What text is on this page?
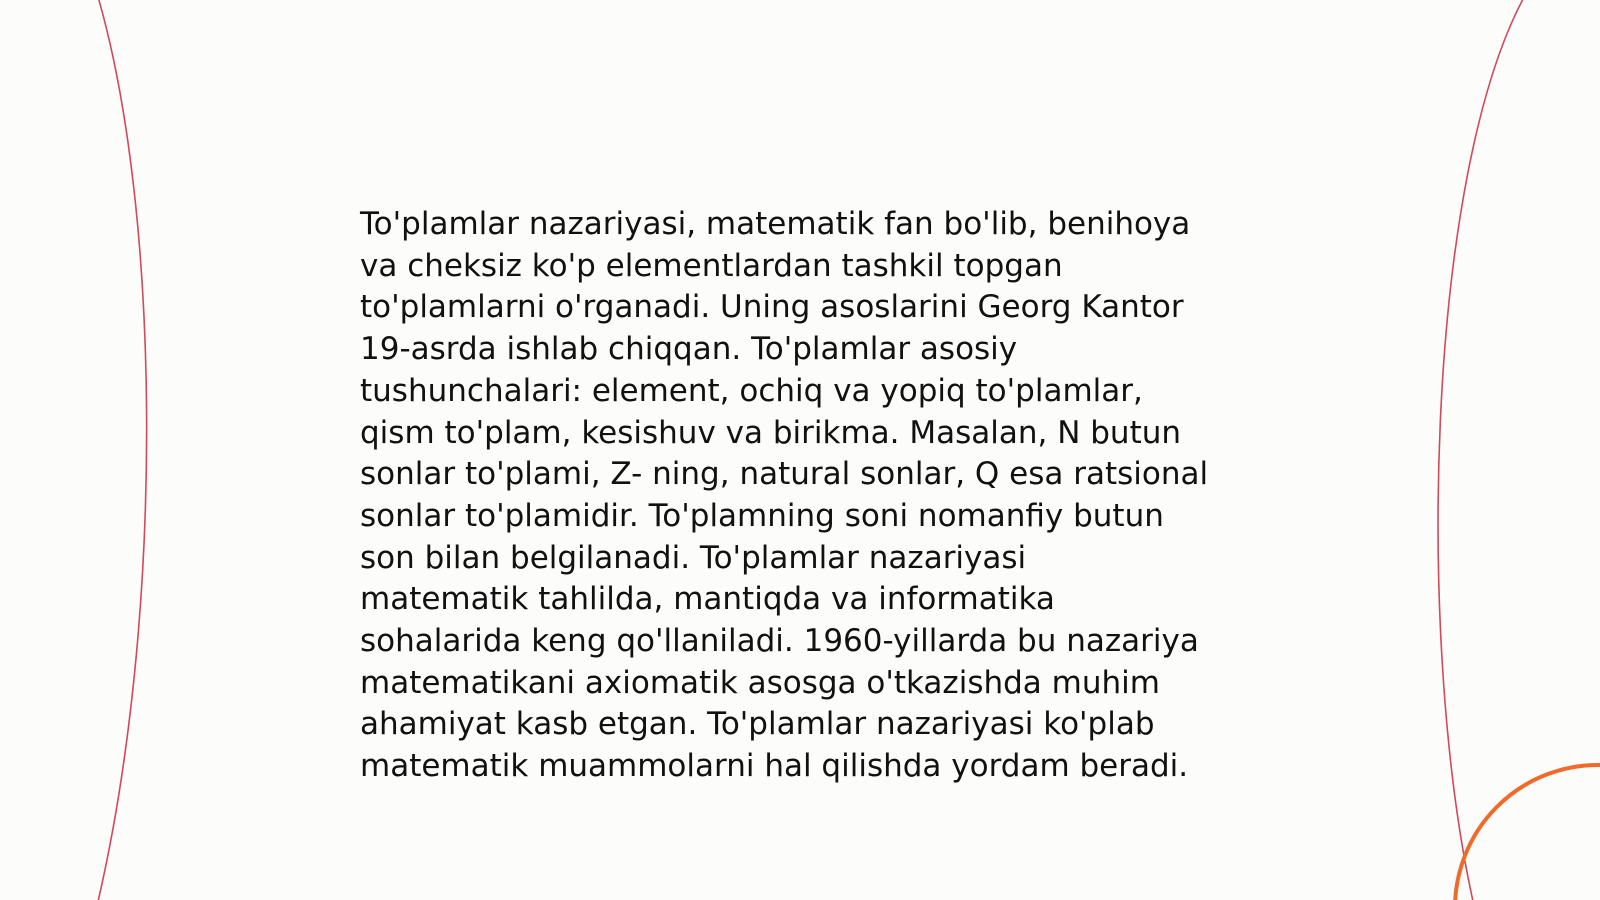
To'plamlar nazariyasi, matematik fan bo'lib, benihoya
va cheksiz ko'p elementlardan tashkil topgan
to'plamlarni o'rganadi. Uning asoslarini Georg Kantor
19-asrda ishlab chiqqan. To'plamlar asosiy
tushunchalari: element, ochiq va yopiq to'plamlar,
qism to'plam, kesishuv va birikma. Masalan, N butun
sonlar to'plami, Z- ning, natural sonlar, Q esa ratsional
sonlar to'plamidir. To'plamning soni nomanfiy butun
son bilan belgilanadi. To'plamlar nazariyasi
matematik tahlilda, mantiqda va informatika
sohalarida keng qo'llaniladi. 1960-yillarda bu nazariya
matematikani axiomatik asosga o'tkazishda muhim
ahamiyat kasb etgan. To'plamlar nazariyasi ko'plab
matematik muammolarni hal qilishda yordam beradi.
